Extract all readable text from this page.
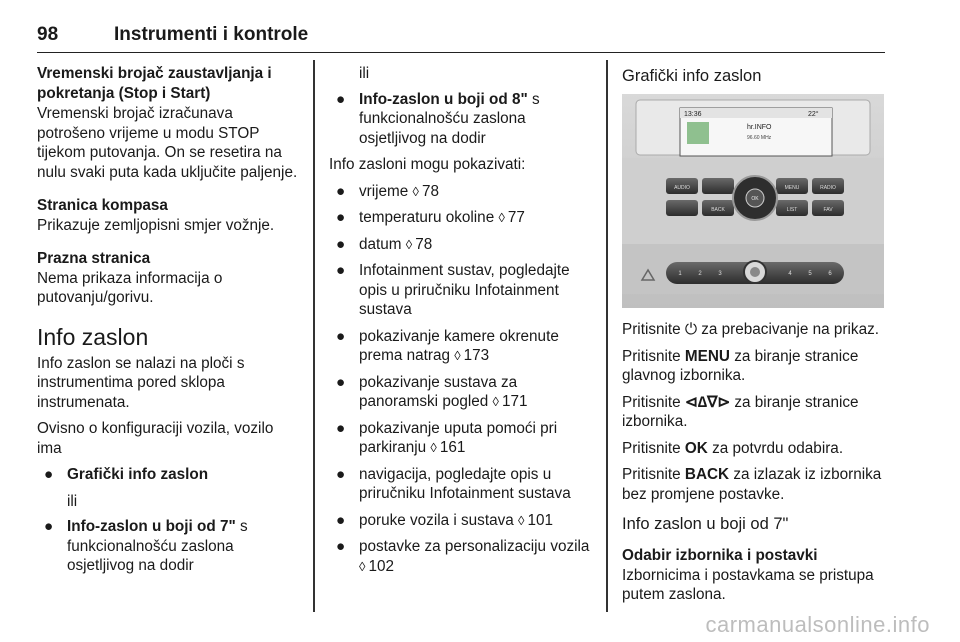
98	Instrumenti i kontrole

Vremenski brojač zaustavljanja i pokretanja (Stop i Start)

Vremenski brojač izračunava potrošeno vrijeme u modu STOP tijekom putovanja. On se resetira na nulu svaki puta kada uključite paljenje.

Stranica kompasa

Prikazuje zemljopisni smjer vožnje.

Prazna stranica

Nema prikaza informacija o putovanju/gorivu.

Info zaslon

Info zaslon se nalazi na ploči s instrumentima pored sklopa instrumenata.

Ovisno o konfiguraciji vozila, vozilo ima

● Grafički info zaslon

ili

● Info-zaslon u boji od 7" s funkcionalnošću zaslona osjetljivog na dodir

ili

● Info-zaslon u boji od 8" s funkcionalnošću zaslona osjetljivog na dodir

Info zasloni mogu pokazivati:

● vrijeme ◊ 78
● temperaturu okoline ◊ 77
● datum ◊ 78
● Infotainment sustav, pogledajte opis u priručniku Infotainment sustava
● pokazivanje kamere okrenute prema natrag ◊ 173
● pokazivanje sustava za panoramski pogled ◊ 171
● pokazivanje uputa pomoći pri parkiranju ◊ 161
● navigacija, pogledajte opis u priručniku Infotainment sustava
● poruke vozila i sustava ◊ 101
● postavke za personalizaciju vozila ◊ 102

Grafički info zaslon

13:36	22°
hr.INFO
96.60 MHz
AUDIO	MENU	RADIO
BACK	LIST	FAV
OK
1	2	3	4	5	6

Pritisnite ⏻ za prebacivanje na prikaz.

Pritisnite MENU za biranje stranice glavnog izbornika.

Pritisnite ⊲∆∇⊳ za biranje stranice izbornika.

Pritisnite OK za potvrdu odabira.

Pritisnite BACK za izlazak iz izbornika bez promjene postavke.

Info zaslon u boji od 7"

Odabir izbornika i postavki

Izbornicima i postavkama se pristupa putem zaslona.

carmanualsonline.info
